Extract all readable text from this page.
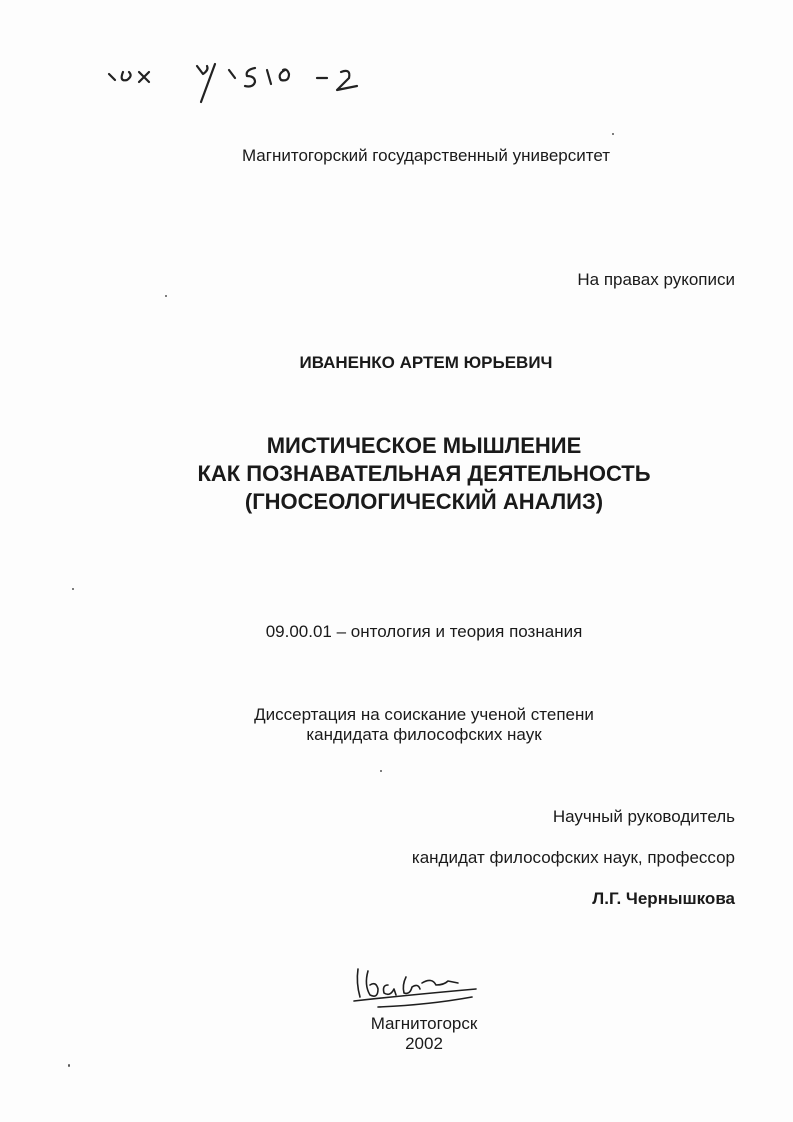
Магнитогорский государственный университет
На правах рукописи
ИВАНЕНКО АРТЕМ ЮРЬЕВИЧ
МИСТИЧЕСКОЕ МЫШЛЕНИЕ
КАК ПОЗНАВАТЕЛЬНАЯ ДЕЯТЕЛЬНОСТЬ
(ГНОСЕОЛОГИЧЕСКИЙ АНАЛИЗ)
09.00.01 – онтология и теория познания
Диссертация на соискание ученой степени
кандидата философских наук
Научный руководитель
кандидат философских наук, профессор
Л.Г. Чернышкова
Магнитогорск
2002
